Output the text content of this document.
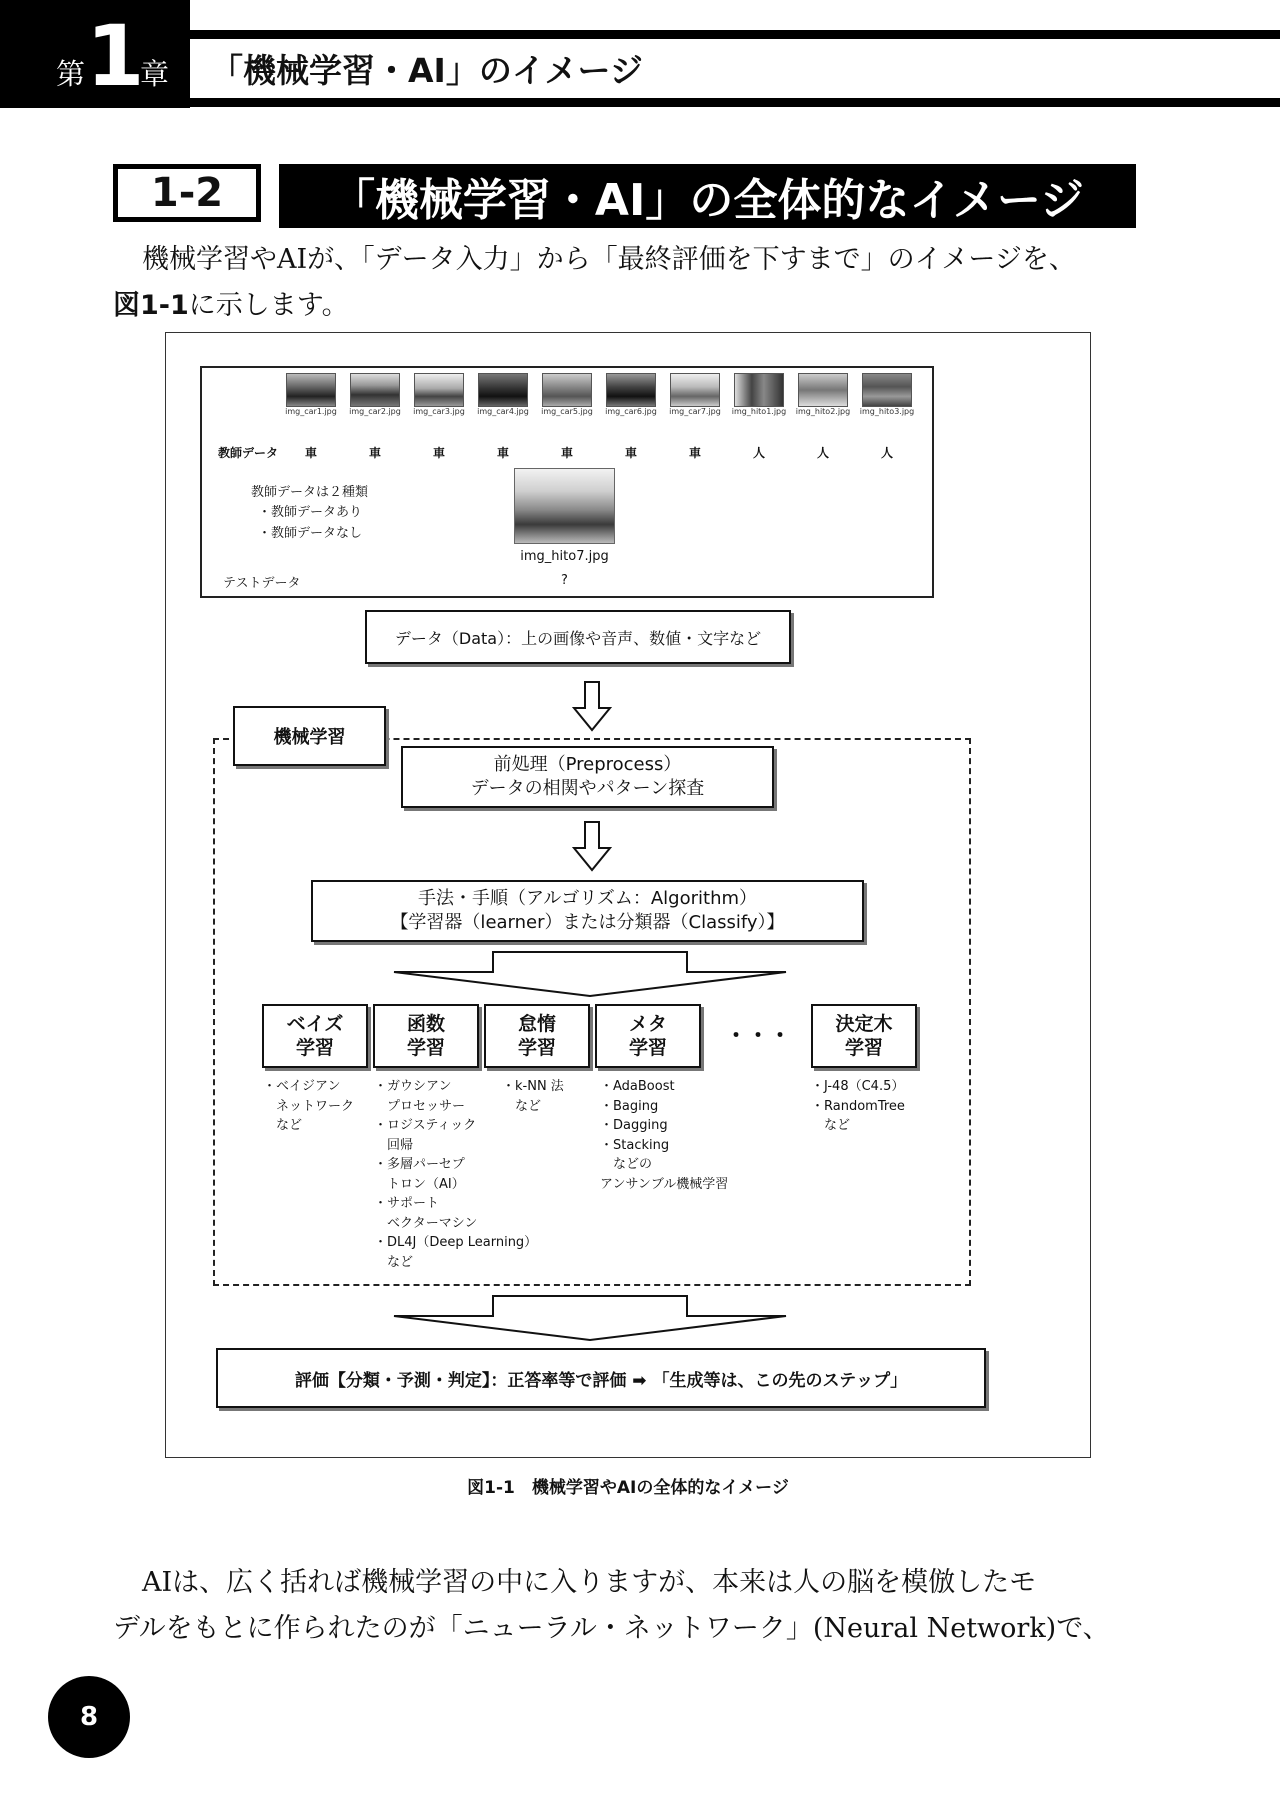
第 1
章 「機械学習・AI」のイメージ
1-2	「機械学習・AI」の全体的なイメージ
機械学習やAIが、「データ入力」から「最終評価を下すまで」のイメージを、
図1-1に示します。
img_car1.jpg	img_car2.jpg	img_car3.jpg	img_car4.jpg	img_car5.jpg	img_car6.jpg	img_car7.jpg	img_hito1.jpg	img_hito2.jpg	img_hito3.jpg
教師データ	車	車	車	車	車	車	車	人	人	人
教師データは２種類
・教師データあり
・教師データなし
テストデータ
img_hito7.jpg
?
データ（Data）：上の画像や音声、数値・文字など
機械学習
前処理（Preprocess）
データの相関やパターン探査
手法・手順（アルゴリズム：Algorithm）
【学習器（learner）または分類器（Classify）】
ベイズ
学習
函数
学習
怠惰
学習
メタ
学習	・・・	決定木
学習
・ベイジアン
　ネットワーク
　など
・ガウシアン
　プロセッサー
・ロジスティック
　回帰
・多層パーセプ
　トロン（AI）
・サポート
　ベクターマシン
・DL4J（Deep Learning）
　など
・k-NN 法
　など
・AdaBoost
・Baging
・Dagging
・Stacking
　などの
アンサンブル機械学習
・J-48（C4.5）
・RandomTree
　など
評価【分類・予測・判定】：正答率等で評価 ➡ 「生成等は、この先のステップ」
図1-1　機械学習やAIの全体的なイメージ
AIは、広く括れば機械学習の中に入りますが、本来は人の脳を模倣したモ
デルをもとに作られたのが「ニューラル・ネットワーク」(Neural Network)で、
8
